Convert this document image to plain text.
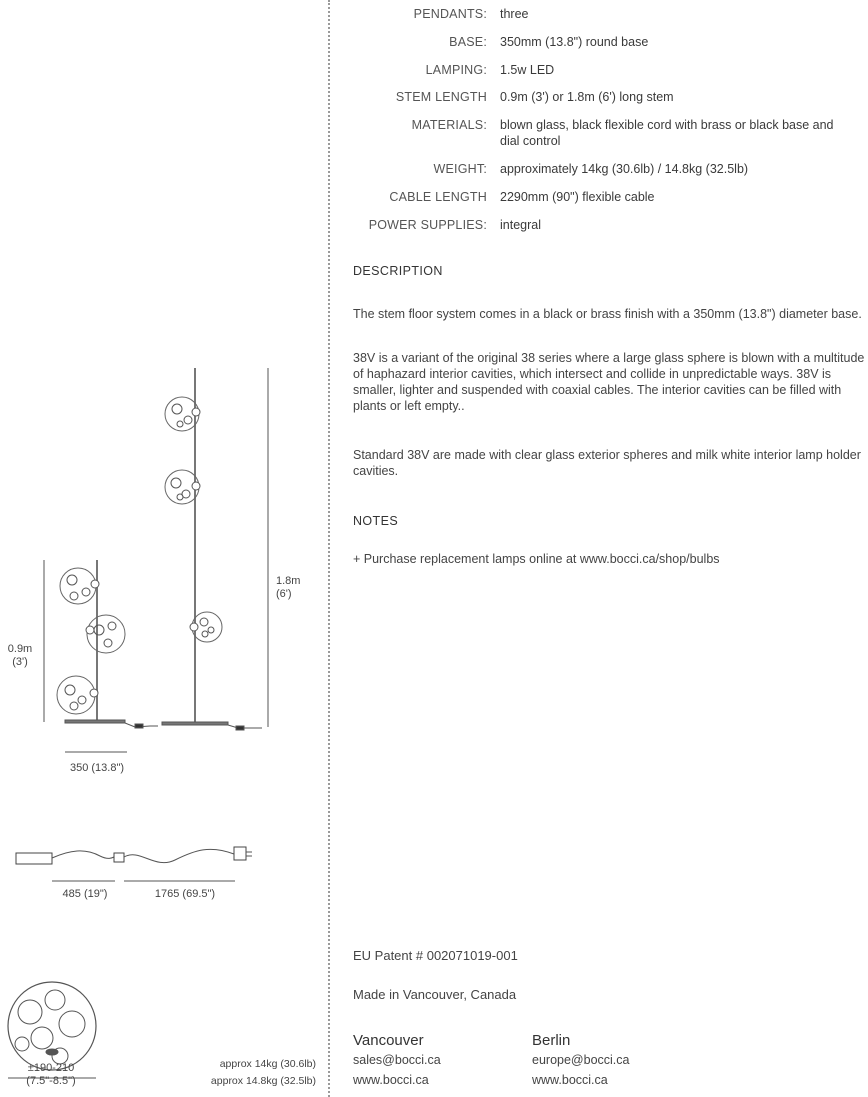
PENDANTS: three
BASE: 350mm (13.8") round base
LAMPING: 1.5w LED
STEM LENGTH 0.9m (3') or 1.8m (6') long stem
MATERIALS: blown glass, black flexible cord with brass or black base and dial control
WEIGHT: approximately 14kg (30.6lb) / 14.8kg (32.5lb)
CABLE LENGTH 2290mm (90") flexible cable
POWER SUPPLIES: integral
DESCRIPTION
The stem floor system comes in a black or brass finish with a 350mm (13.8") diameter base.
38V is a variant of the original 38 series where a large glass sphere is blown with a multitude of haphazard interior cavities, which intersect and collide in unpredictable ways. 38V is smaller, lighter and suspended with coaxial cables. The interior cavities can be filled with plants or left empty..
Standard 38V are made with clear glass exterior spheres and milk white interior lamp holder cavities.
NOTES
+ Purchase replacement lamps online at www.bocci.ca/shop/bulbs
EU Patent # 002071019-001
Made in Vancouver, Canada
Vancouver
sales@bocci.ca
www.bocci.ca
Berlin
europe@bocci.ca
www.bocci.ca
0.9m
(3')
1.8m
(6')
350 (13.8")
485 (19")	1765 (69.5")
±190-210
(7.5"-8.5")
approx 14kg (30.6lb)
approx 14.8kg (32.5lb)
